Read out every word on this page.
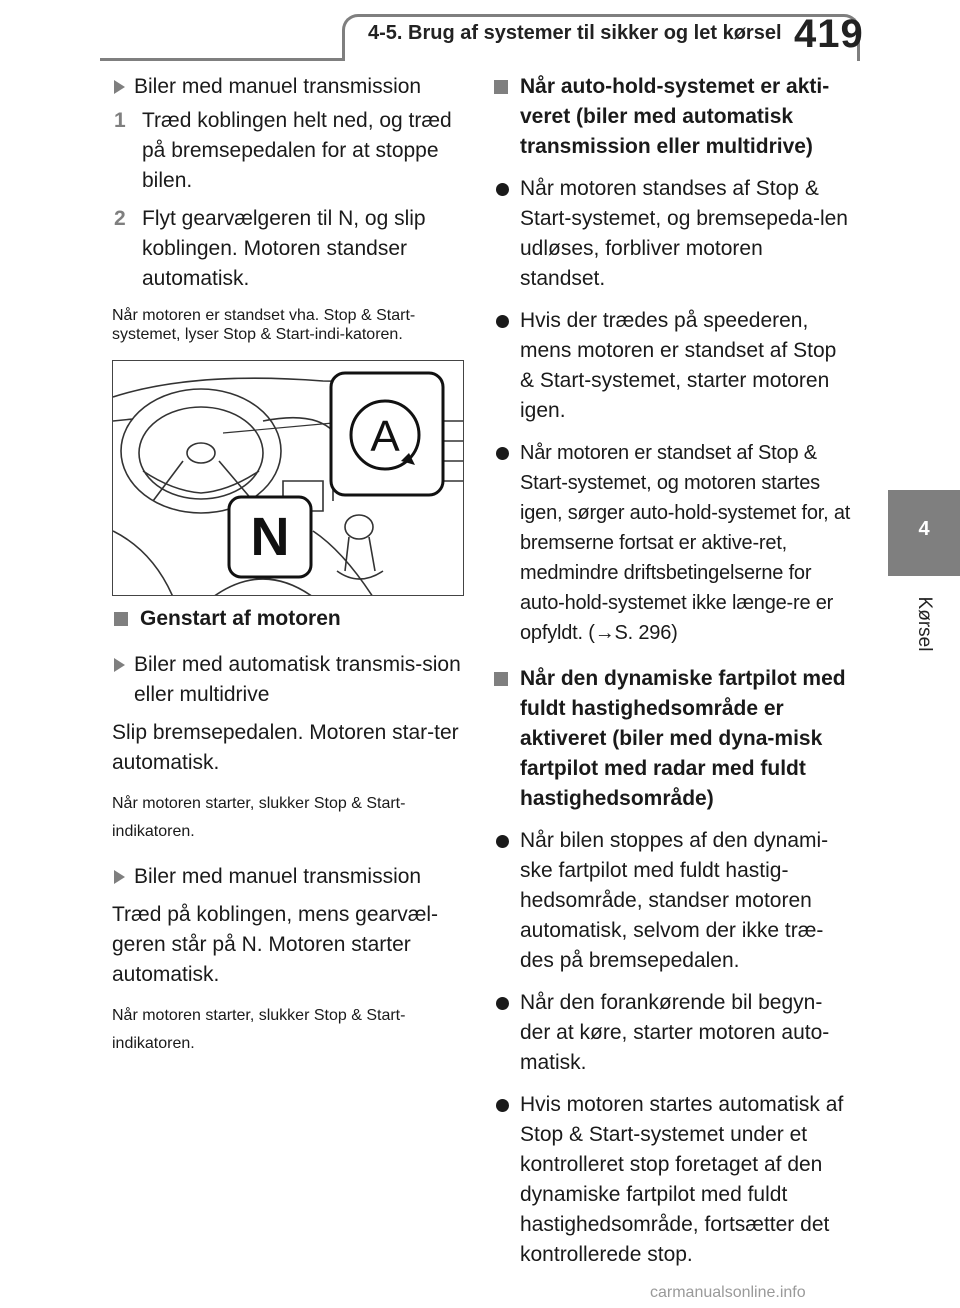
4-5. Brug af systemer til sikker og let kørsel 419
4
Kørsel
Biler med manuel transmission
1 Træd koblingen helt ned, og træd på bremsepedalen for at stoppe bilen.
2 Flyt gearvælgeren til N, og slip koblingen. Motoren standser automatisk.
Når motoren er standset vha. Stop & Start-systemet, lyser Stop & Start-indi-katoren.
A
N
Genstart af motoren
Biler med automatisk transmis-sion eller multidrive
Slip bremsepedalen. Motoren star-ter automatisk.
Når motoren starter, slukker Stop & Start-indikatoren.
Biler med manuel transmission
Træd på koblingen, mens gearvæl-geren står på N. Motoren starter automatisk.
Når motoren starter, slukker Stop & Start-indikatoren.
Når auto-hold-systemet er akti-veret (biler med automatisk transmission eller multidrive)
Når motoren standses af Stop & Start-systemet, og bremsepeda-len udløses, forbliver motoren standset.
Hvis der trædes på speederen, mens motoren er standset af Stop & Start-systemet, starter motoren igen.
Når motoren er standset af Stop & Start-systemet, og motoren startes igen, sørger auto-hold-systemet for, at bremserne fortsat er aktive-ret, medmindre driftsbetingelserne for auto-hold-systemet ikke længe-re er opfyldt. (→S. 296)
Når den dynamiske fartpilot med fuldt hastighedsområde er aktiveret (biler med dyna-misk fartpilot med radar med fuldt hastighedsområde)
Når bilen stoppes af den dynami-ske fartpilot med fuldt hastig-hedsområde, standser motoren automatisk, selvom der ikke træ-des på bremsepedalen.
Når den forankørende bil begyn-der at køre, starter motoren auto-matisk.
Hvis motoren startes automatisk af Stop & Start-systemet under et kontrolleret stop foretaget af den dynamiske fartpilot med fuldt hastighedsområde, fortsætter det kontrollerede stop.
carmanualsonline.info
